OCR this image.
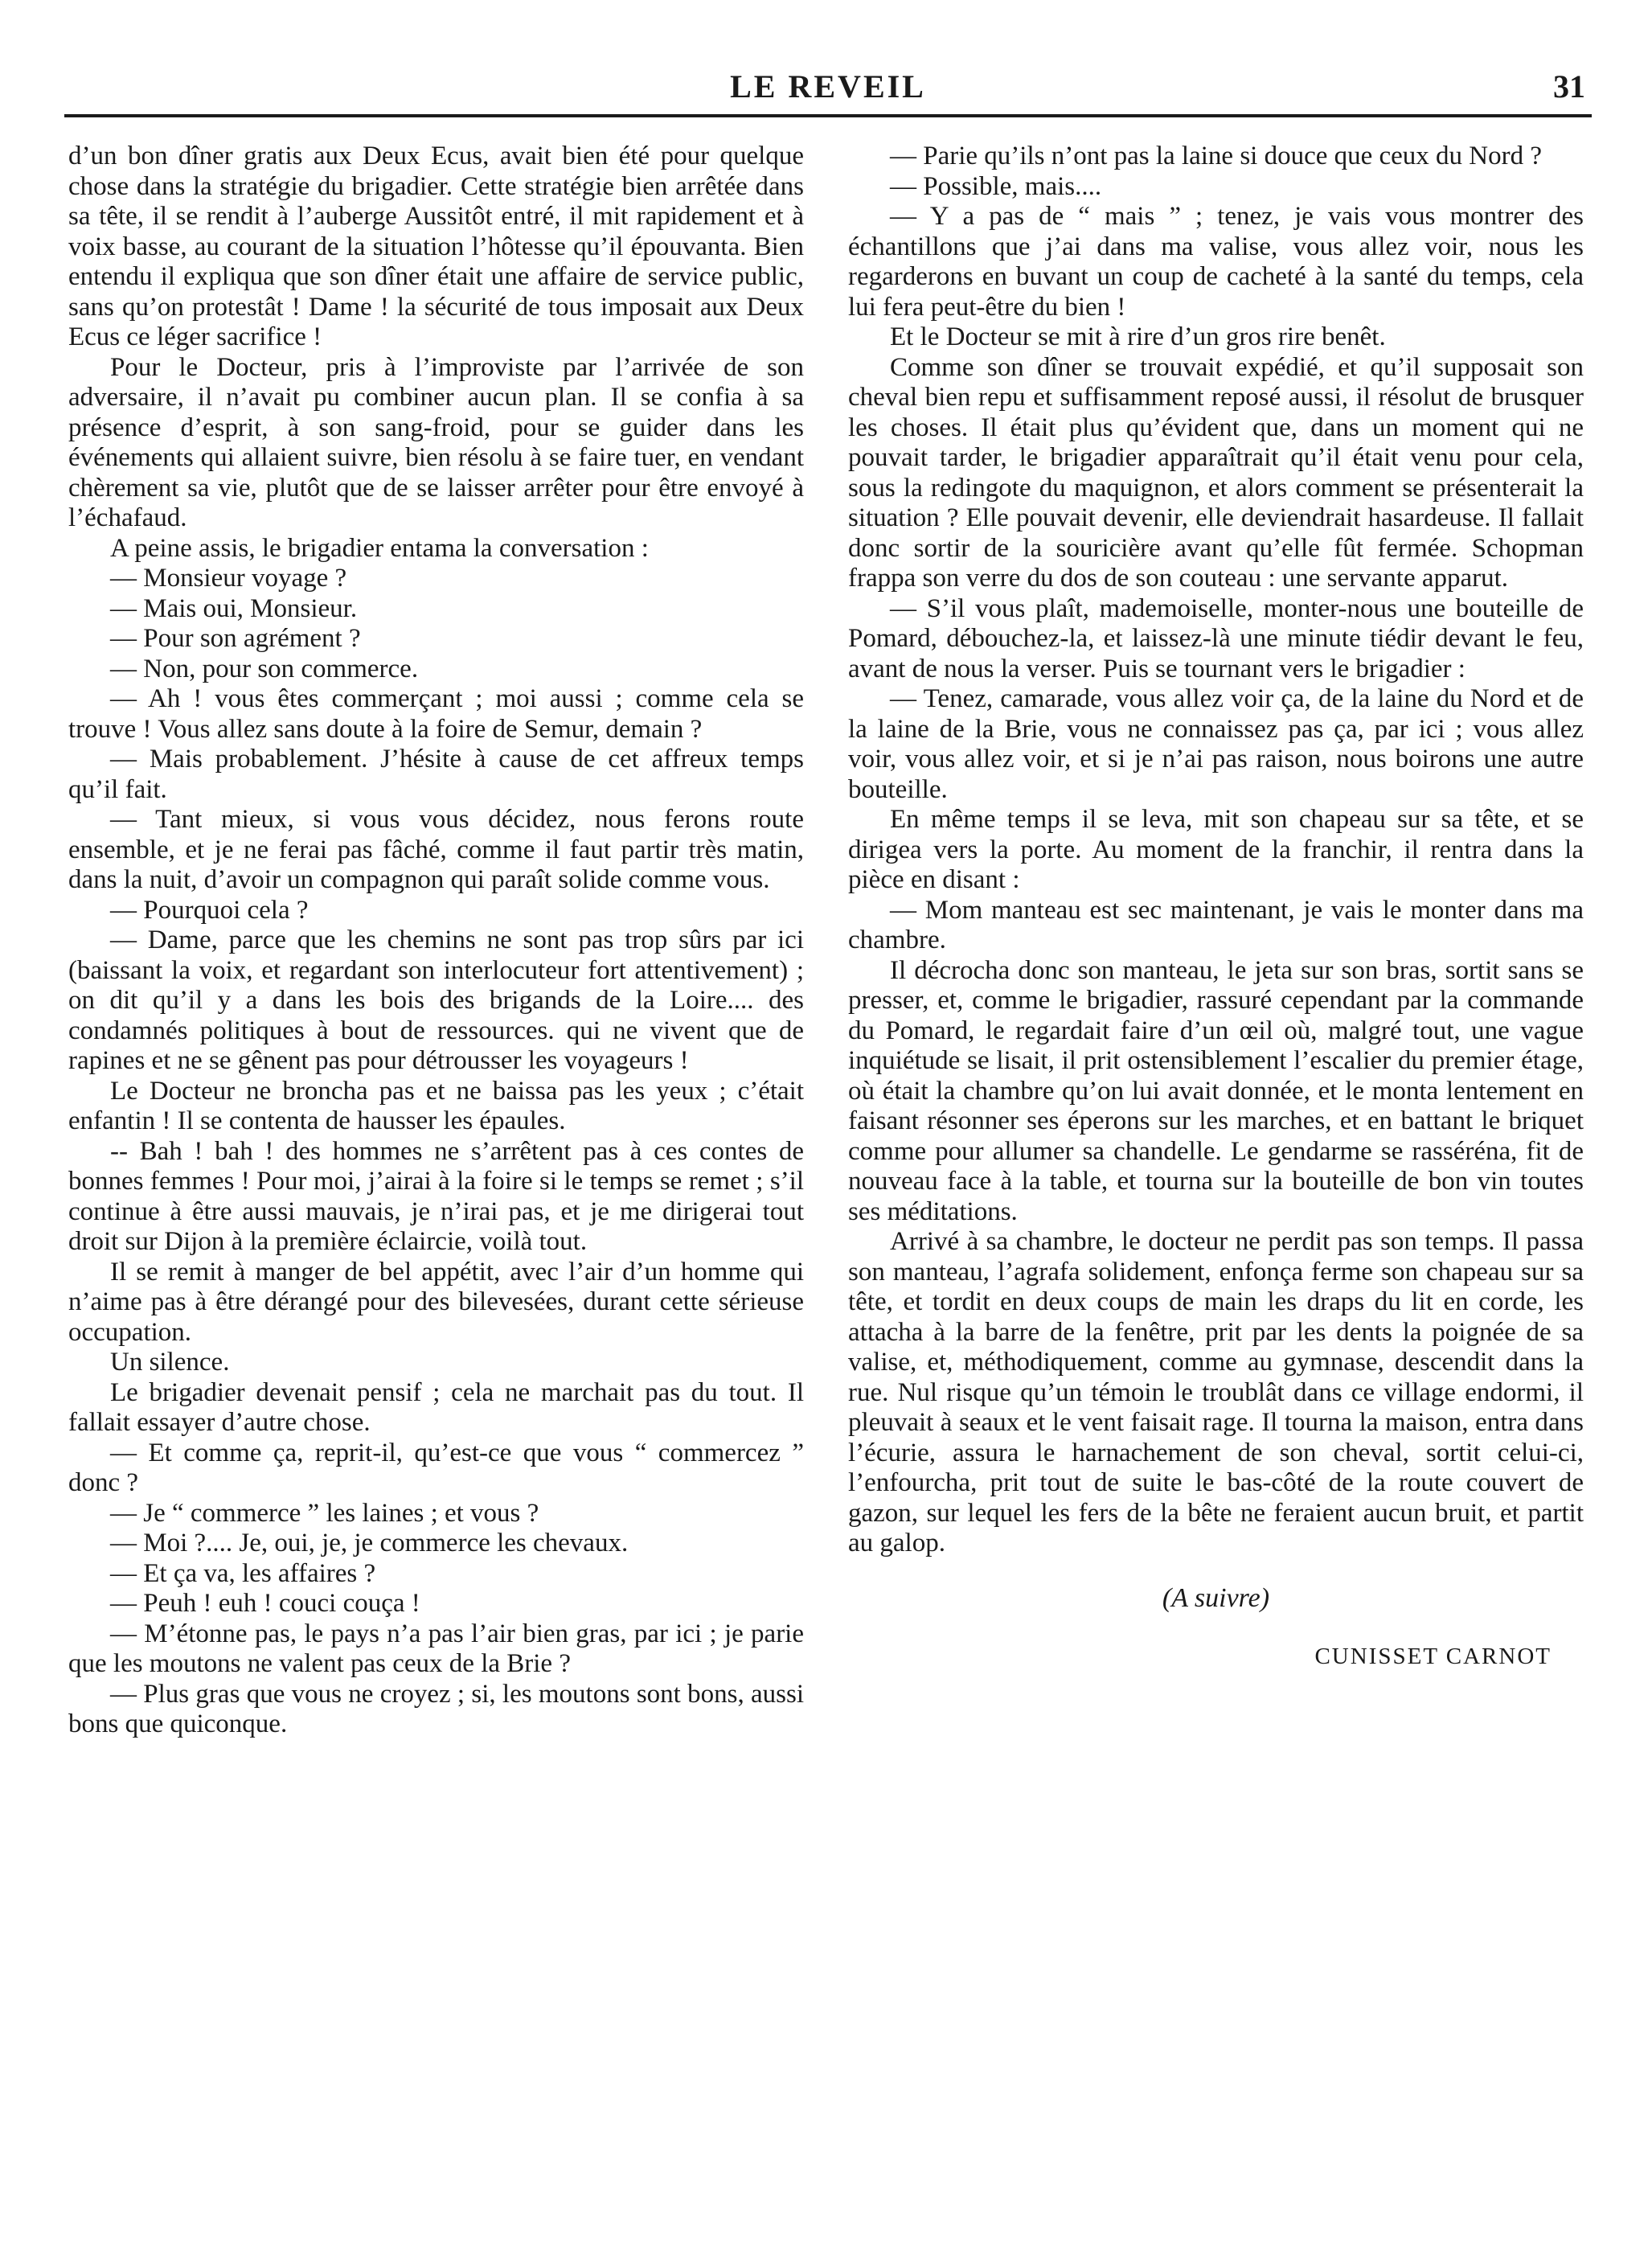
LE REVEIL	31

d’un bon dîner gratis aux Deux Ecus, avait bien été pour quelque chose dans la stratégie du brigadier. Cette stratégie bien arrêtée dans sa tête, il se rendit à l’auberge Aussitôt entré, il mit rapidement et à voix basse, au courant de la situation l’hôtesse qu’il épouvanta. Bien entendu il expliqua que son dîner était une affaire de service public, sans qu’on protestât ! Dame ! la sécurité de tous imposait aux Deux Ecus ce léger sacrifice !

Pour le Docteur, pris à l’improviste par l’arrivée de son adversaire, il n’avait pu combiner aucun plan. Il se confia à sa présence d’esprit, à son sang-froid, pour se guider dans les événements qui allaient suivre, bien résolu à se faire tuer, en vendant chèrement sa vie, plutôt que de se laisser arrêter pour être envoyé à l’échafaud.

A peine assis, le brigadier entama la conversation :

— Monsieur voyage ?

— Mais oui, Monsieur.

— Pour son agrément ?

— Non, pour son commerce.

— Ah ! vous êtes commerçant ; moi aussi ; comme cela se trouve ! Vous allez sans doute à la foire de Semur, demain ?

— Mais probablement. J’hésite à cause de cet affreux temps qu’il fait.

— Tant mieux, si vous vous décidez, nous ferons route ensemble, et je ne ferai pas fâché, comme il faut partir très matin, dans la nuit, d’avoir un compagnon qui paraît solide comme vous.

— Pourquoi cela ?

— Dame, parce que les chemins ne sont pas trop sûrs par ici (baissant la voix, et regardant son interlocuteur fort attentivement) ; on dit qu’il y a dans les bois des brigands de la Loire.... des condamnés politiques à bout de ressources. qui ne vivent que de rapines et ne se gênent pas pour détrousser les voyageurs !

Le Docteur ne broncha pas et ne baissa pas les yeux ; c’était enfantin ! Il se contenta de hausser les épaules.

-- Bah ! bah ! des hommes ne s’arrêtent pas à ces contes de bonnes femmes ! Pour moi, j’airai à la foire si le temps se remet ; s’il continue à être aussi mauvais, je n’irai pas, et je me dirigerai tout droit sur Dijon à la première éclaircie, voilà tout.

Il se remit à manger de bel appétit, avec l’air d’un homme qui n’aime pas à être dérangé pour des bilevesées, durant cette sérieuse occupation.

Un silence.

Le brigadier devenait pensif ; cela ne marchait pas du tout. Il fallait essayer d’autre chose.

— Et comme ça, reprit-il, qu’est-ce que vous “ commercez ” donc ?

— Je “ commerce ” les laines ; et vous ?

— Moi ?.... Je, oui, je, je commerce les chevaux.

— Et ça va, les affaires ?

— Peuh ! euh ! couci couça !

— M’étonne pas, le pays n’a pas l’air bien gras, par ici ; je parie que les moutons ne valent pas ceux de la Brie ?

— Plus gras que vous ne croyez ; si, les moutons sont bons, aussi bons que quiconque.

— Parie qu’ils n’ont pas la laine si douce que ceux du Nord ?

— Possible, mais....

— Y a pas de “ mais ” ; tenez, je vais vous montrer des échantillons que j’ai dans ma valise, vous allez voir, nous les regarderons en buvant un coup de cacheté à la santé du temps, cela lui fera peut-être du bien !

Et le Docteur se mit à rire d’un gros rire benêt.

Comme son dîner se trouvait expédié, et qu’il supposait son cheval bien repu et suffisamment reposé aussi, il résolut de brusquer les choses. Il était plus qu’évident que, dans un moment qui ne pouvait tarder, le brigadier apparaîtrait qu’il était venu pour cela, sous la redingote du maquignon, et alors comment se présenterait la situation ? Elle pouvait devenir, elle deviendrait hasardeuse. Il fallait donc sortir de la souricière avant qu’elle fût fermée. Schopman frappa son verre du dos de son couteau : une servante apparut.

— S’il vous plaît, mademoiselle, monter-nous une bouteille de Pomard, débouchez-la, et laissez-là une minute tiédir devant le feu, avant de nous la verser. Puis se tournant vers le brigadier :

— Tenez, camarade, vous allez voir ça, de la laine du Nord et de la laine de la Brie, vous ne connaissez pas ça, par ici ; vous allez voir, vous allez voir, et si je n’ai pas raison, nous boirons une autre bouteille.

En même temps il se leva, mit son chapeau sur sa tête, et se dirigea vers la porte. Au moment de la franchir, il rentra dans la pièce en disant :

— Mom manteau est sec maintenant, je vais le monter dans ma chambre.

Il décrocha donc son manteau, le jeta sur son bras, sortit sans se presser, et, comme le brigadier, rassuré cependant par la commande du Pomard, le regardait faire d’un œil où, malgré tout, une vague inquiétude se lisait, il prit ostensiblement l’escalier du premier étage, où était la chambre qu’on lui avait donnée, et le monta lentement en faisant résonner ses éperons sur les marches, et en battant le briquet comme pour allumer sa chandelle. Le gendarme se rasséréna, fit de nouveau face à la table, et tourna sur la bouteille de bon vin toutes ses méditations.

Arrivé à sa chambre, le docteur ne perdit pas son temps. Il passa son manteau, l’agrafa solidement, enfonça ferme son chapeau sur sa tête, et tordit en deux coups de main les draps du lit en corde, les attacha à la barre de la fenêtre, prit par les dents la poignée de sa valise, et, méthodiquement, comme au gymnase, descendit dans la rue. Nul risque qu’un témoin le troublât dans ce village endormi, il pleuvait à seaux et le vent faisait rage. Il tourna la maison, entra dans l’écurie, assura le harnachement de son cheval, sortit celui-ci, l’enfourcha, prit tout de suite le bas-côté de la route couvert de gazon, sur lequel les fers de la bête ne feraient aucun bruit, et partit au galop.

(A suivre)
CUNISSET CARNOT
